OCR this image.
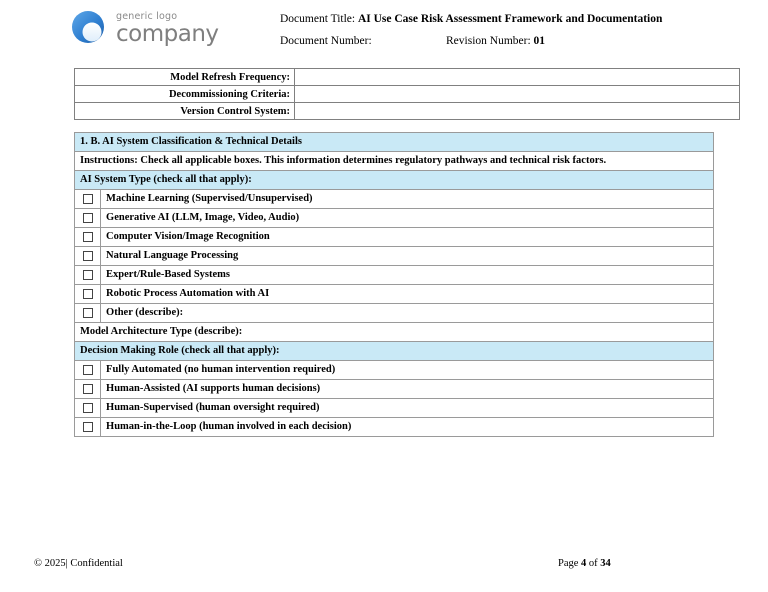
generic logo
company
Document Title: AI Use Case Risk Assessment Framework and Documentation
Document Number:	Revision Number: 01
Model Refresh Frequency:	
Decommissioning Criteria:	
Version Control System:	
1. B. AI System Classification & Technical Details	
Instructions: Check all applicable boxes. This information determines regulatory pathways and technical risk factors.	
AI System Type (check all that apply):	
	Machine Learning (Supervised/Unsupervised)
	Generative AI (LLM, Image, Video, Audio)
	Computer Vision/Image Recognition
	Natural Language Processing
	Expert/Rule-Based Systems
	Robotic Process Automation with AI
	Other (describe):
Model Architecture Type (describe):	
Decision Making Role (check all that apply):	
	Fully Automated (no human intervention required)
	Human-Assisted (AI supports human decisions)
	Human-Supervised (human oversight required)
	Human-in-the-Loop (human involved in each decision)
© 2025| Confidential	Page 4 of 34
